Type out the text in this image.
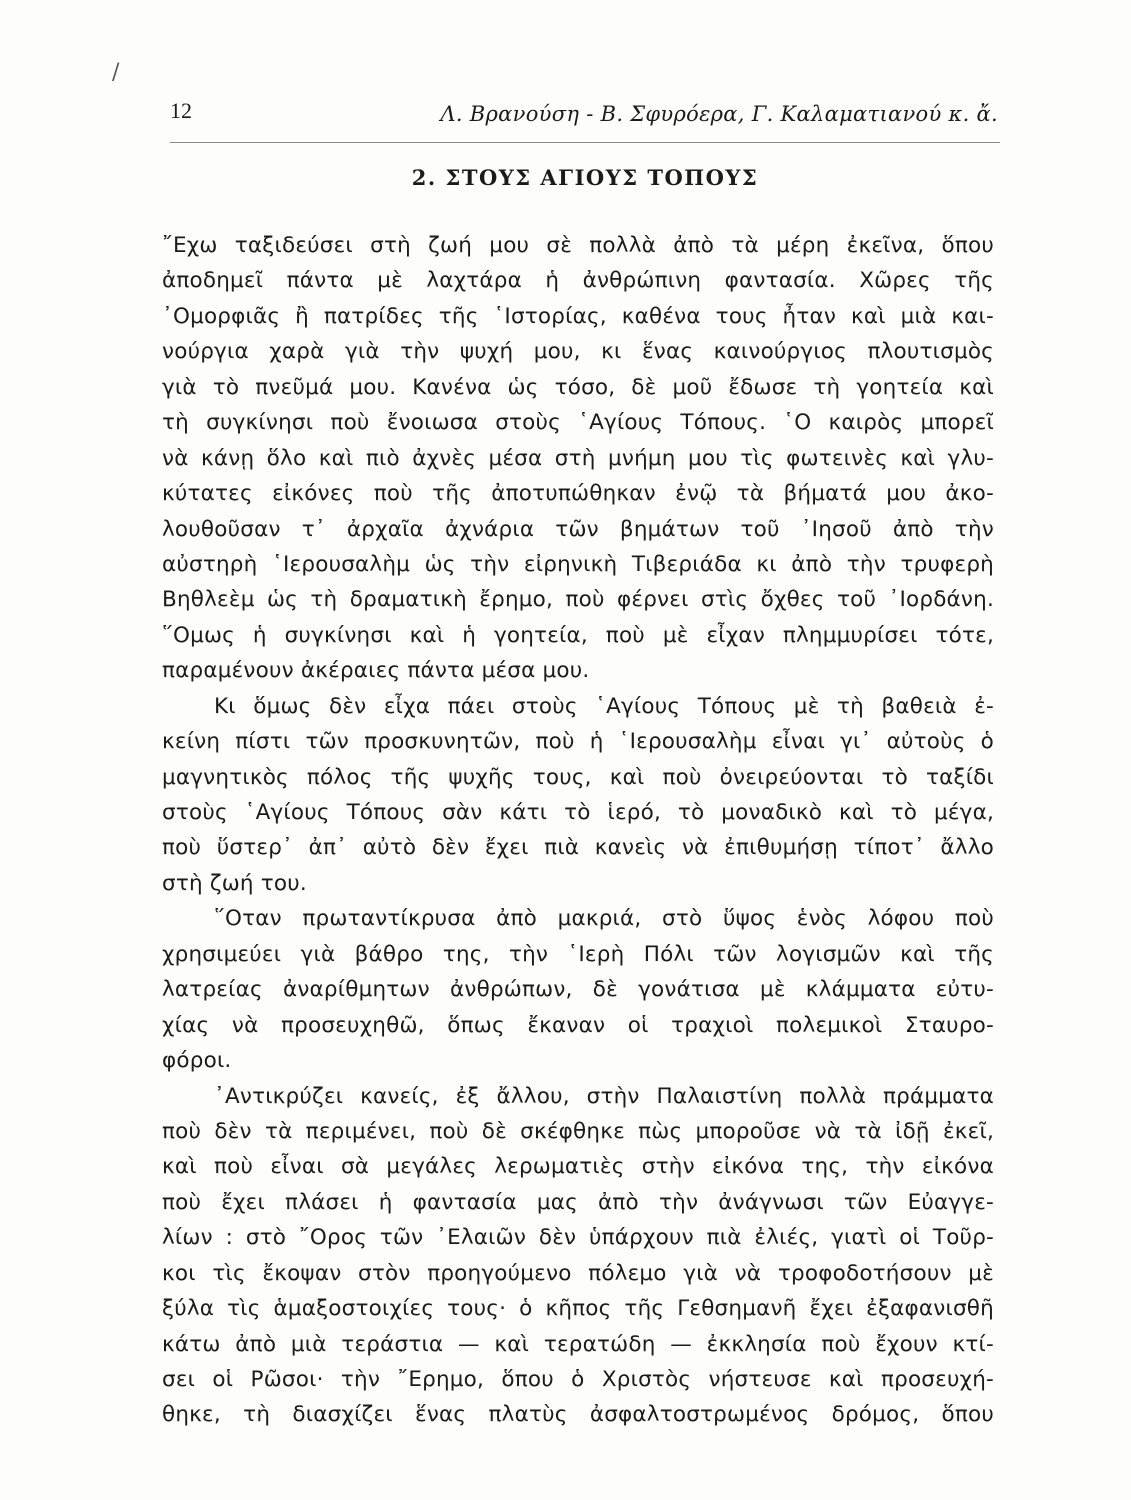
/
12	Λ. Βρανούση - Β. Σφυρόερα, Γ. Καλαματιανού κ. ἄ.
2. ΣΤΟΥΣ ΑΓΙΟΥΣ ΤΟΠΟΥΣ
῎Εχω ταξιδεύσει στὴ ζωή μου σὲ πολλὰ ἀπὸ τὰ μέρη ἐκεῖνα, ὅπου
ἀποδημεῖ πάντα μὲ λαχτάρα ἡ ἀνθρώπινη φαντασία. Χῶρες τῆς
᾿Ομορφιᾶς ἢ πατρίδες τῆς ῾Ιστορίας, καθένα τους ἦταν καὶ μιὰ και-
νούργια χαρὰ γιὰ τὴν ψυχή μου, κι ἕνας καινούργιος πλουτισμὸς
γιὰ τὸ πνεῦμά μου. Κανένα ὡς τόσο, δὲ μοῦ ἔδωσε τὴ γοητεία καὶ
τὴ συγκίνησι ποὺ ἔνοιωσα στοὺς ῾Αγίους Τόπους. ῾Ο καιρὸς μπορεῖ
νὰ κάνῃ ὅλο καὶ πιὸ ἀχνὲς μέσα στὴ μνήμη μου τὶς φωτεινὲς καὶ γλυ-
κύτατες εἰκόνες ποὺ τῆς ἀποτυπώθηκαν ἐνῷ τὰ βήματά μου ἀκο-
λουθοῦσαν τ᾿ ἀρχαῖα ἀχνάρια τῶν βημάτων τοῦ ᾿Ιησοῦ ἀπὸ τὴν
αὐστηρὴ ῾Ιερουσαλὴμ ὡς τὴν εἰρηνικὴ Τιβεριάδα κι ἀπὸ τὴν τρυφερὴ
Βηθλεὲμ ὡς τὴ δραματικὴ ἔρημο, ποὺ φέρνει στὶς ὄχθες τοῦ ᾿Ιορδάνη.
῞Ομως ἡ συγκίνησι καὶ ἡ γοητεία, ποὺ μὲ εἶχαν πλημμυρίσει τότε,
παραμένουν ἀκέραιες πάντα μέσα μου.
Κι ὅμως δὲν εἶχα πάει στοὺς ῾Αγίους Τόπους μὲ τὴ βαθειὰ ἐ-
κείνη πίστι τῶν προσκυνητῶν, ποὺ ἡ ῾Ιερουσαλὴμ εἶναι γι᾿ αὐτοὺς ὁ
μαγνητικὸς πόλος τῆς ψυχῆς τους, καὶ ποὺ ὀνειρεύονται τὸ ταξίδι
στοὺς ῾Αγίους Τόπους σὰν κάτι τὸ ἱερό, τὸ μοναδικὸ καὶ τὸ μέγα,
ποὺ ὕστερ᾿ ἀπ᾿ αὐτὸ δὲν ἔχει πιὰ κανεὶς νὰ ἐπιθυμήσῃ τίποτ᾿ ἄλλο
στὴ ζωή του.
῞Οταν πρωταντίκρυσα ἀπὸ μακριά, στὸ ὕψος ἑνὸς λόφου ποὺ
χρησιμεύει γιὰ βάθρο της, τὴν ῾Ιερὴ Πόλι τῶν λογισμῶν καὶ τῆς
λατρείας ἀναρίθμητων ἀνθρώπων, δὲ γονάτισα μὲ κλάμματα εὐτυ-
χίας νὰ προσευχηθῶ, ὅπως ἔκαναν οἱ τραχιοὶ πολεμικοὶ Σταυρο-
φόροι.
᾿Αντικρύζει κανείς, ἐξ ἄλλου, στὴν Παλαιστίνη πολλὰ πράμματα
ποὺ δὲν τὰ περιμένει, ποὺ δὲ σκέφθηκε πὼς μποροῦσε νὰ τὰ ἰδῇ ἐκεῖ,
καὶ ποὺ εἶναι σὰ μεγάλες λερωματιὲς στὴν εἰκόνα της, τὴν εἰκόνα
ποὺ ἔχει πλάσει ἡ φαντασία μας ἀπὸ τὴν ἀνάγνωσι τῶν Εὐαγγε-
λίων : στὸ ῎Ορος τῶν ᾿Ελαιῶν δὲν ὑπάρχουν πιὰ ἐλιές, γιατὶ οἱ Τοῦρ-
κοι τὶς ἔκοψαν στὸν προηγούμενο πόλεμο γιὰ νὰ τροφοδοτήσουν μὲ
ξύλα τὶς ἁμαξοστοιχίες τους· ὁ κῆπος τῆς Γεθσημανῆ ἔχει ἐξαφανισθῆ
κάτω ἀπὸ μιὰ τεράστια — καὶ τερατώδη — ἐκκλησία ποὺ ἔχουν κτί-
σει οἱ Ρῶσοι· τὴν ῎Ερημο, ὅπου ὁ Χριστὸς νήστευσε καὶ προσευχή-
θηκε, τὴ διασχίζει ἕνας πλατὺς ἀσφαλτοστρωμένος δρόμος, ὅπου
